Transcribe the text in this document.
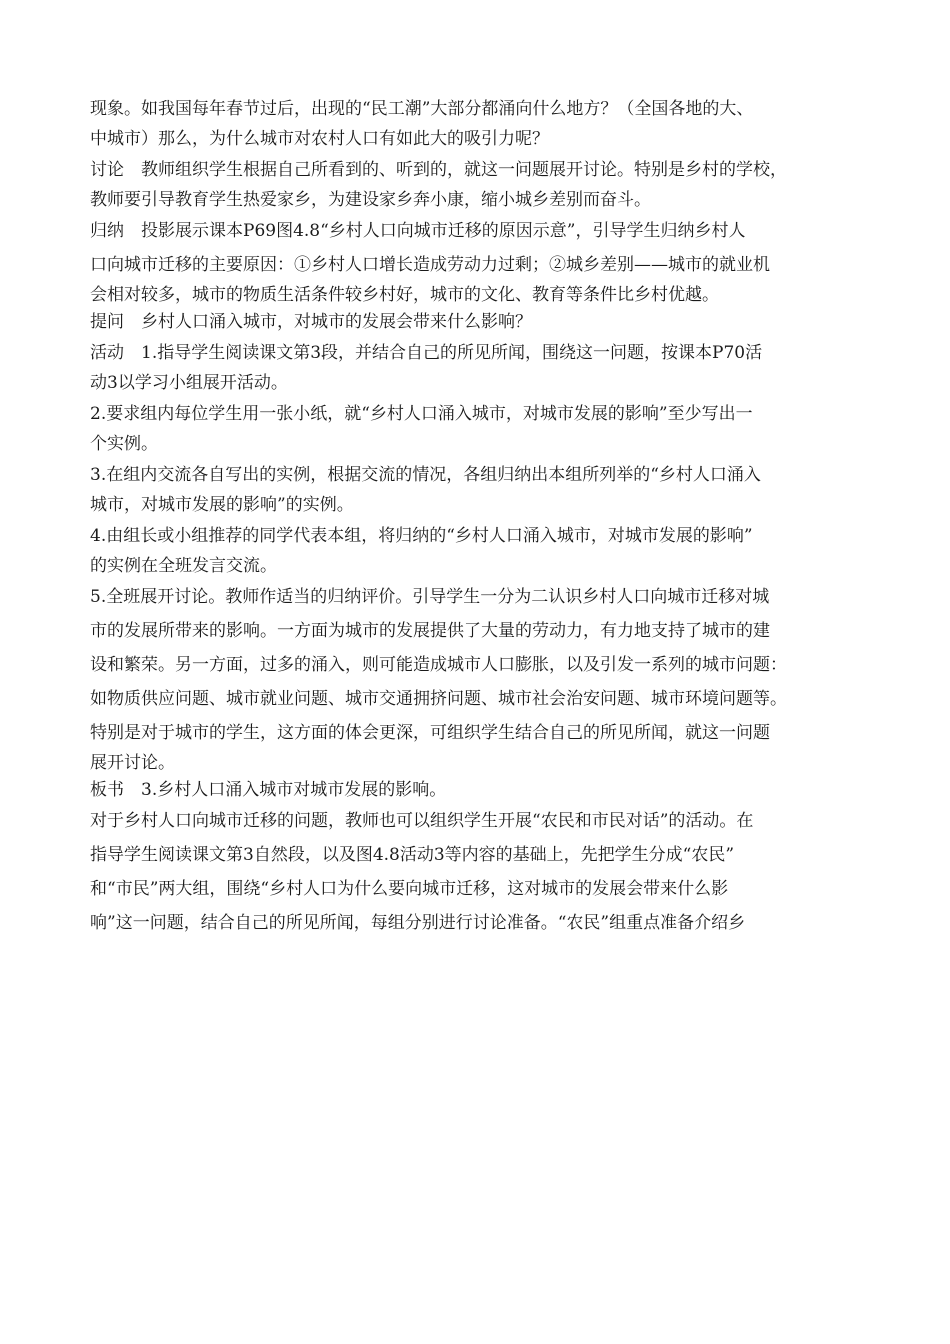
现象。如我国每年春节过后，出现的“民工潮”大部分都涌向什么地方？（全国各地的大、
中城市）那么，为什么城市对农村人口有如此大的吸引力呢？
讨论　教师组织学生根据自己所看到的、听到的，就这一问题展开讨论。特别是乡村的学校，
教师要引导教育学生热爱家乡，为建设家乡奔小康，缩小城乡差别而奋斗。
归纳　投影展示课本P69图4.8“乡村人口向城市迁移的原因示意”，引导学生归纳乡村人
口向城市迁移的主要原因：①乡村人口增长造成劳动力过剩；②城乡差别——城市的就业机
会相对较多，城市的物质生活条件较乡村好，城市的文化、教育等条件比乡村优越。
提问　乡村人口涌入城市，对城市的发展会带来什么影响？
活动　1.指导学生阅读课文第3段，并结合自己的所见所闻，围绕这一问题，按课本P70活
动3以学习小组展开活动。
2.要求组内每位学生用一张小纸，就“乡村人口涌入城市，对城市发展的影响”至少写出一
个实例。
3.在组内交流各自写出的实例，根据交流的情况，各组归纳出本组所列举的“乡村人口涌入
城市，对城市发展的影响”的实例。
4.由组长或小组推荐的同学代表本组，将归纳的“乡村人口涌入城市，对城市发展的影响”
的实例在全班发言交流。
5.全班展开讨论。教师作适当的归纳评价。引导学生一分为二认识乡村人口向城市迁移对城
市的发展所带来的影响。一方面为城市的发展提供了大量的劳动力，有力地支持了城市的建
设和繁荣。另一方面，过多的涌入，则可能造成城市人口膨胀，以及引发一系列的城市问题：
如物质供应问题、城市就业问题、城市交通拥挤问题、城市社会治安问题、城市环境问题等。
特别是对于城市的学生，这方面的体会更深，可组织学生结合自己的所见所闻，就这一问题
展开讨论。
板书　3.乡村人口涌入城市对城市发展的影响。
对于乡村人口向城市迁移的问题，教师也可以组织学生开展“农民和市民对话”的活动。在
指导学生阅读课文第3自然段，以及图4.8活动3等内容的基础上，先把学生分成“农民”
和“市民”两大组，围绕“乡村人口为什么要向城市迁移，这对城市的发展会带来什么影
响”这一问题，结合自己的所见所闻，每组分别进行讨论准备。“农民”组重点准备介绍乡
